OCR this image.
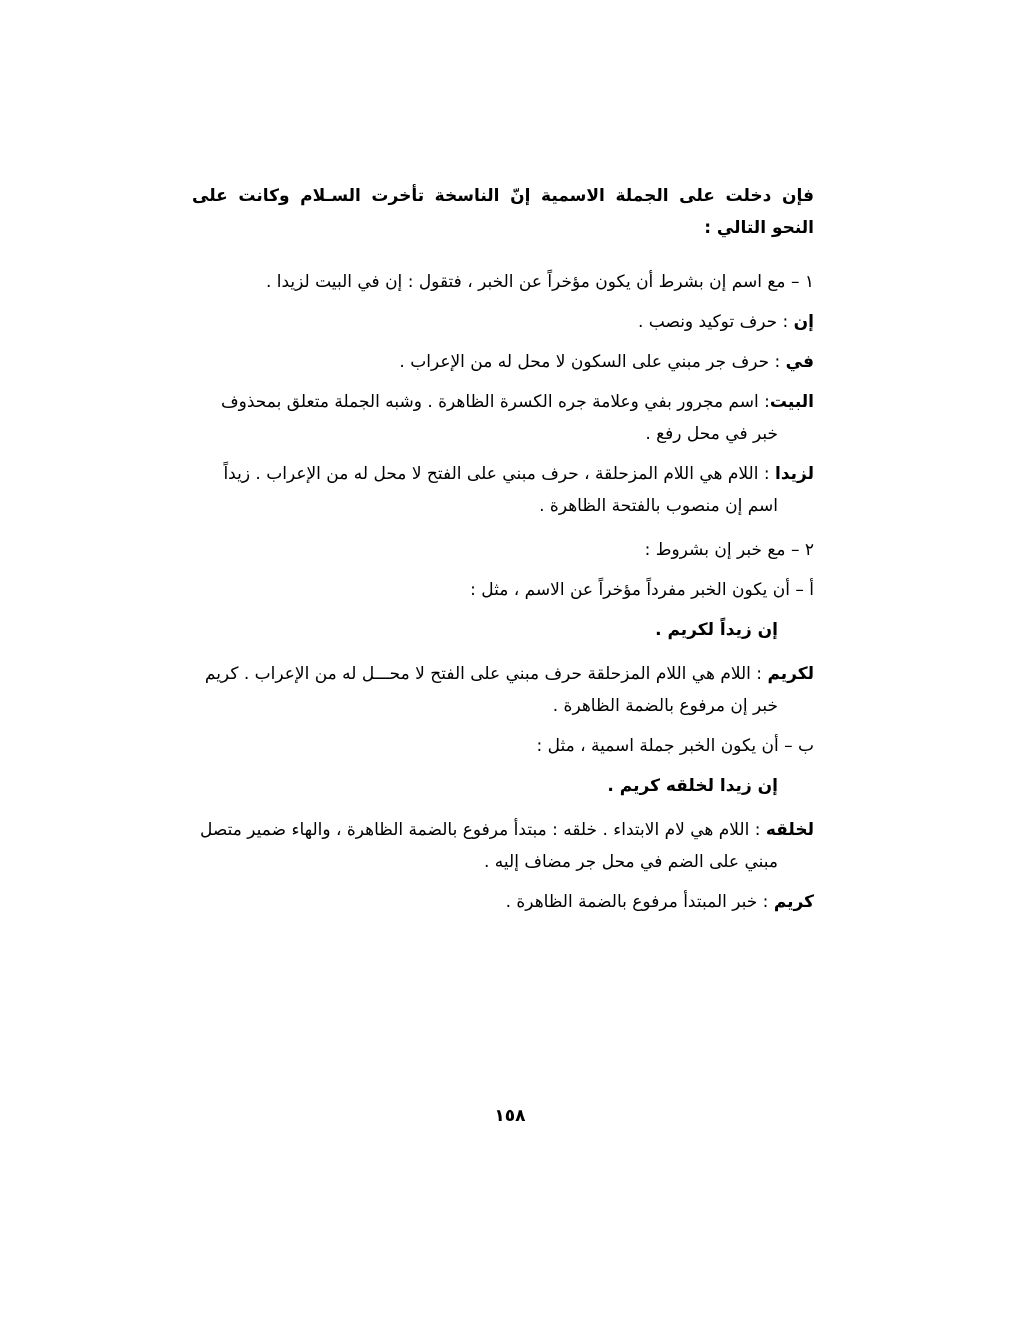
فإن دخلت على الجملة الاسمية إنّ الناسخة تأخرت السـلام وكانت على النحو التالي :

١ – مع اسم إن بشرط أن يكون مؤخراً عن الخبر ، فتقول : إن في البيت لزيدا .

إن : حرف توكيد ونصب .

في : حرف جر مبني على السكون لا محل له من الإعراب .

البيت: اسم مجرور بفي وعلامة جره الكسرة الظاهرة . وشبه الجملة متعلق بمحذوف خبر في محل رفع .

لزيدا : اللام هي اللام المزحلقة ، حرف مبني على الفتح لا محل له من الإعراب . زيداً اسم إن منصوب بالفتحة الظاهرة .

٢ – مع خبر إن بشروط :

أ – أن يكون الخبر مفرداً مؤخراً عن الاسم ، مثل :

إن زيداً لكريم .

لكريم : اللام هي اللام المزحلقة حرف مبني على الفتح لا محـــل له من الإعراب . كريم خبر إن مرفوع بالضمة الظاهرة .

ب – أن يكون الخبر جملة اسمية ، مثل :

إن زيدا لخلقه كريم .

لخلقه : اللام هي لام الابتداء . خلقه : مبتدأ مرفوع بالضمة الظاهرة ، والهاء ضمير متصل مبني على الضم في محل جر مضاف إليه .

كريم : خبر المبتدأ مرفوع بالضمة الظاهرة .

١٥٨
